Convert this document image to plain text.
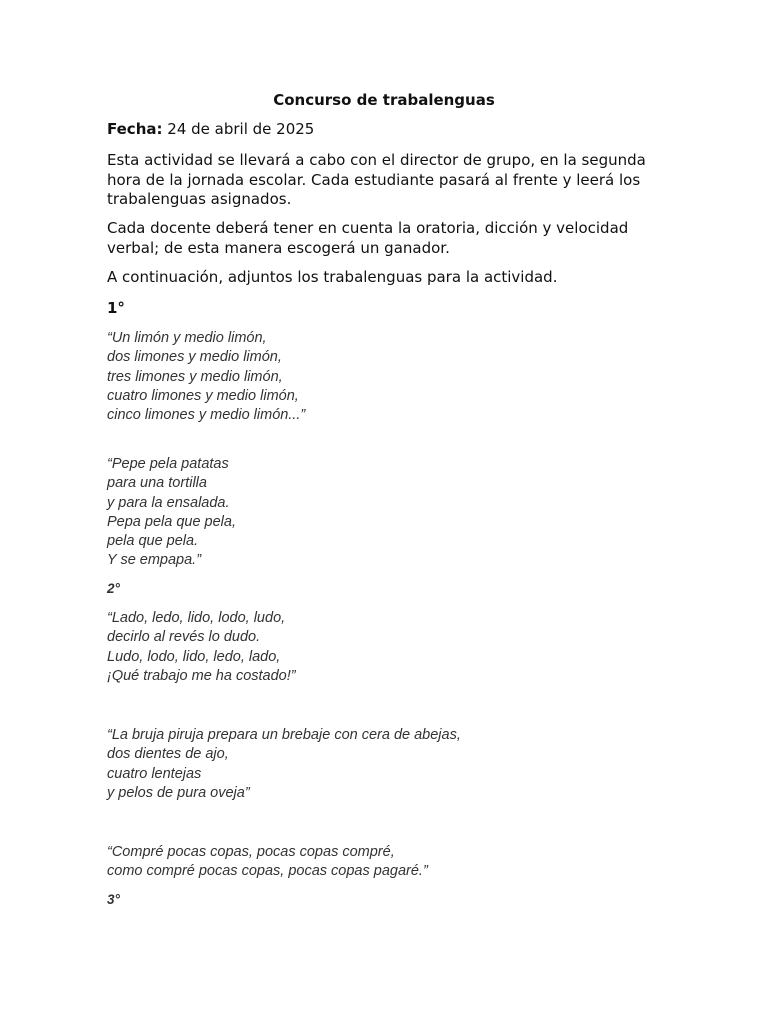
Concurso de trabalenguas
Fecha: 24 de abril de 2025
Esta actividad se llevará a cabo con el director de grupo, en la segunda hora de la jornada escolar. Cada estudiante pasará al frente y leerá los trabalenguas asignados.
Cada docente deberá tener en cuenta la oratoria, dicción y velocidad verbal; de esta manera escogerá un ganador.
A continuación, adjuntos los trabalenguas para la actividad.
1°
“Un limón y medio limón,
dos limones y medio limón,
tres limones y medio limón,
cuatro limones y medio limón,
cinco limones y medio limón...”
“Pepe pela patatas
para una tortilla
y para la ensalada.
Pepa pela que pela,
pela que pela.
Y se empapa.”
2°
“Lado, ledo, lido, lodo, ludo,
decirlo al revés lo dudo.
Ludo, lodo, lido, ledo, lado,
¡Qué trabajo me ha costado!”
“La bruja piruja prepara un brebaje con cera de abejas,
dos dientes de ajo,
cuatro lentejas
y pelos de pura oveja”
“Compré pocas copas, pocas copas compré,
como compré pocas copas, pocas copas pagaré.”
3°
